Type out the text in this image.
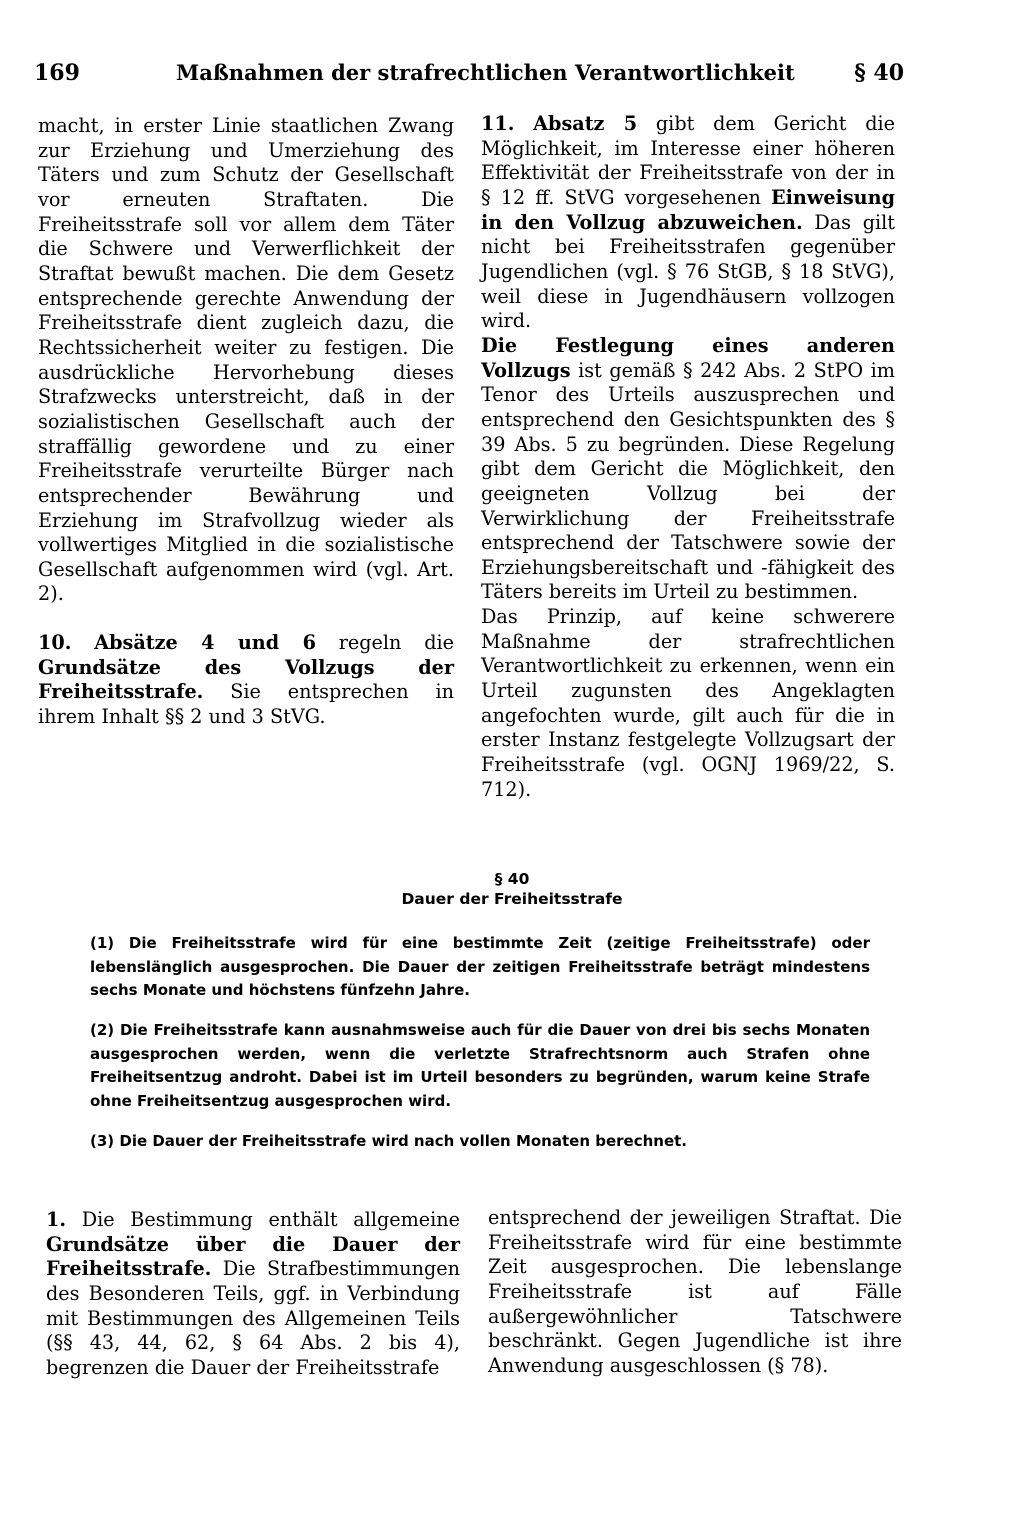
169	Maßnahmen der strafrechtlichen Verantwortlichkeit	§ 40

macht, in erster Linie staatlichen Zwang zur Erziehung und Umerziehung des Täters und zum Schutz der Gesellschaft vor erneuten Straftaten. Die Freiheitsstrafe soll vor allem dem Täter die Schwere und Verwerflichkeit der Straftat bewußt machen. Die dem Gesetz entsprechende gerechte Anwendung der Freiheitsstrafe dient zugleich dazu, die Rechtssicherheit weiter zu festigen. Die ausdrückliche Hervorhebung dieses Strafzwecks unterstreicht, daß in der sozialistischen Gesellschaft auch der straffällig gewordene und zu einer Freiheitsstrafe verurteilte Bürger nach entsprechender Bewährung und Erziehung im Strafvollzug wieder als vollwertiges Mitglied in die sozialistische Gesellschaft aufgenommen wird (vgl. Art. 2).

10. Absätze 4 und 6 regeln die Grundsätze des Vollzugs der Freiheitsstrafe. Sie entsprechen in ihrem Inhalt §§ 2 und 3 StVG.

11. Absatz 5 gibt dem Gericht die Möglichkeit, im Interesse einer höheren Effektivität der Freiheitsstrafe von der in § 12 ff. StVG vorgesehenen Einweisung in den Vollzug abzuweichen. Das gilt nicht bei Freiheitsstrafen gegenüber Jugendlichen (vgl. § 76 StGB, § 18 StVG), weil diese in Jugendhäusern vollzogen wird.

Die Festlegung eines anderen Vollzugs ist gemäß § 242 Abs. 2 StPO im Tenor des Urteils auszusprechen und entsprechend den Gesichtspunkten des § 39 Abs. 5 zu begründen. Diese Regelung gibt dem Gericht die Möglichkeit, den geeigneten Vollzug bei der Verwirklichung der Freiheitsstrafe entsprechend der Tatschwere sowie der Erziehungsbereitschaft und -fähigkeit des Täters bereits im Urteil zu bestimmen.

Das Prinzip, auf keine schwerere Maßnahme der strafrechtlichen Verantwortlichkeit zu erkennen, wenn ein Urteil zugunsten des Angeklagten angefochten wurde, gilt auch für die in erster Instanz festgelegte Vollzugsart der Freiheitsstrafe (vgl. OGNJ 1969/22, S. 712).

§ 40
Dauer der Freiheitsstrafe

(1) Die Freiheitsstrafe wird für eine bestimmte Zeit (zeitige Freiheitsstrafe) oder lebenslänglich ausgesprochen. Die Dauer der zeitigen Freiheitsstrafe beträgt mindestens sechs Monate und höchstens fünfzehn Jahre.

(2) Die Freiheitsstrafe kann ausnahmsweise auch für die Dauer von drei bis sechs Monaten ausgesprochen werden, wenn die verletzte Strafrechtsnorm auch Strafen ohne Freiheitsentzug androht. Dabei ist im Urteil besonders zu begründen, warum keine Strafe ohne Freiheitsentzug ausgesprochen wird.

(3) Die Dauer der Freiheitsstrafe wird nach vollen Monaten berechnet.

1. Die Bestimmung enthält allgemeine Grundsätze über die Dauer der Freiheitsstrafe. Die Strafbestimmungen des Besonderen Teils, ggf. in Verbindung mit Bestimmungen des Allgemeinen Teils (§§ 43, 44, 62, § 64 Abs. 2 bis 4), begrenzen die Dauer der Freiheitsstrafe

entsprechend der jeweiligen Straftat. Die Freiheitsstrafe wird für eine bestimmte Zeit ausgesprochen. Die lebenslange Freiheitsstrafe ist auf Fälle außergewöhnlicher Tatschwere beschränkt. Gegen Jugendliche ist ihre Anwendung ausgeschlossen (§ 78).
